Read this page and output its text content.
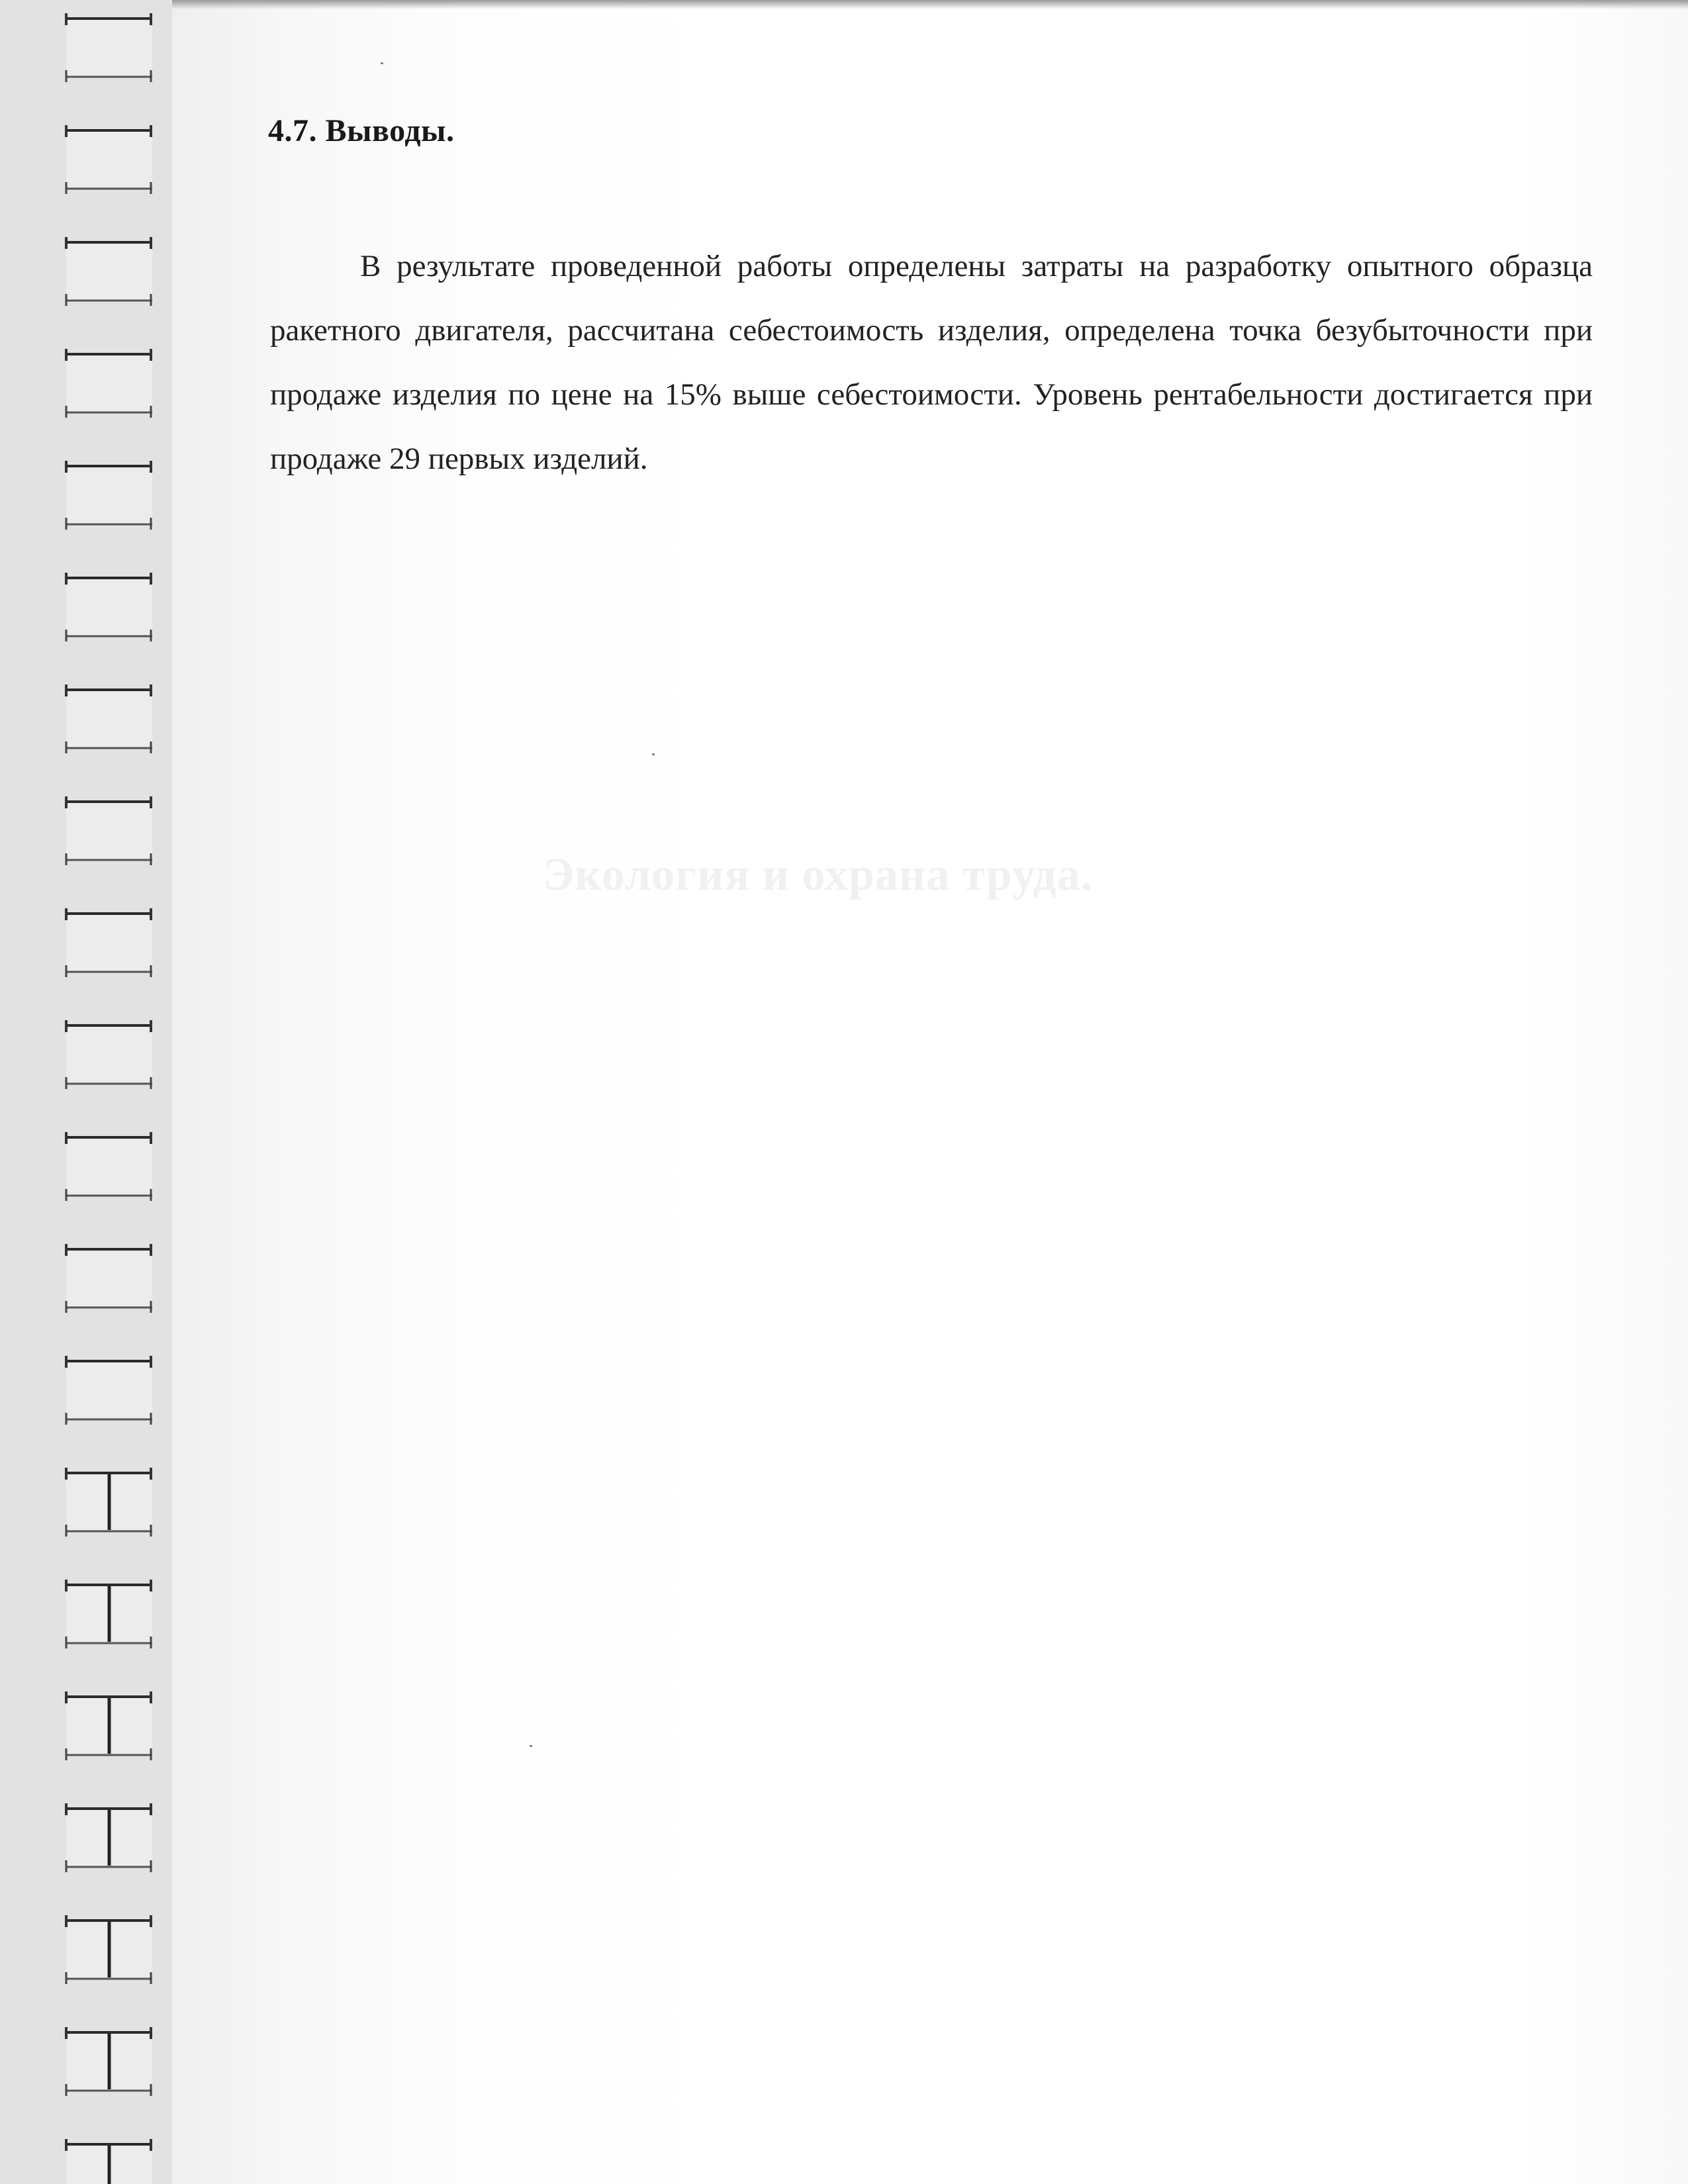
4.7. Выводы.

В результате проведенной работы определены затраты на разработку опытного образца ракетного двигателя, рассчитана себестоимость изделия, определена точка безубыточности при продаже изделия по цене на 15% выше себестоимости. Уровень рентабельности достигается при продаже 29 первых изделий.

Экология и охрана труда.
